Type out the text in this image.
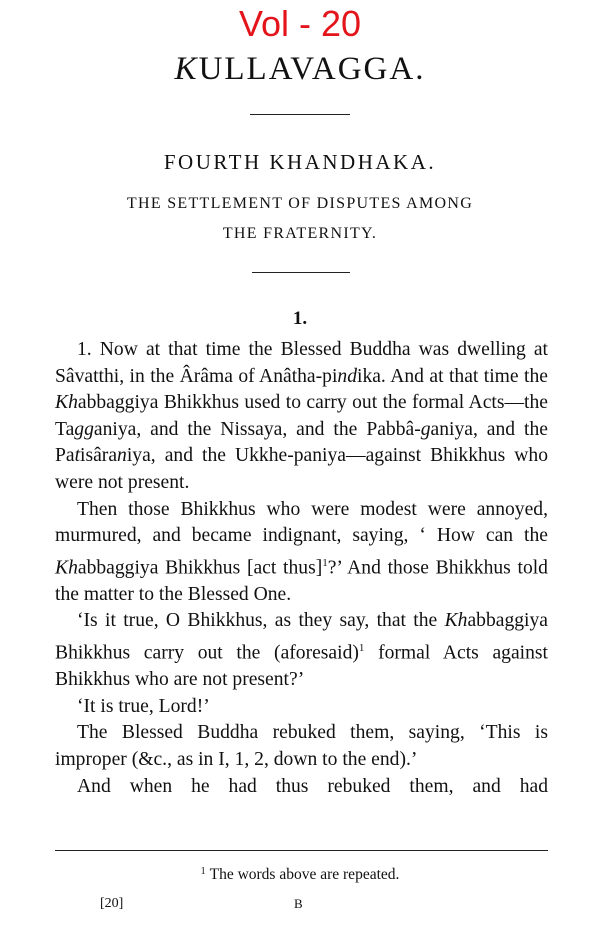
Vol - 20
KULLAVAGGA.
FOURTH KHANDHAKA.
THE SETTLEMENT OF DISPUTES AMONG
THE FRATERNITY.
1.

1. Now at that time the Blessed Buddha was dwelling at Sâvatthi, in the Ârâma of Anâtha-pindika. And at that time the Khabbaggiya Bhikkhus used to carry out the formal Acts—the Tagganiya, and the Nissaya, and the Pabbâ-ganiya, and the Patisâraniya, and the Ukkhe-paniya—against Bhikkhus who were not present.

Then those Bhikkhus who were modest were annoyed, murmured, and became indignant, saying, ‘ How can the Khabbaggiya Bhikkhus [act thus]$^1$?’ And those Bhikkhus told the matter to the Blessed One.

‘Is it true, O Bhikkhus, as they say, that the Khabbaggiya Bhikkhus carry out the (aforesaid)$^1$ formal Acts against Bhikkhus who are not present?’

‘It is true, Lord!’

The Blessed Buddha rebuked them, saying, ‘This is improper (&c., as in I, 1, 2, down to the end).’

And when he had thus rebuked them, and had

$^1$ The words above are repeated.
[20]	B
